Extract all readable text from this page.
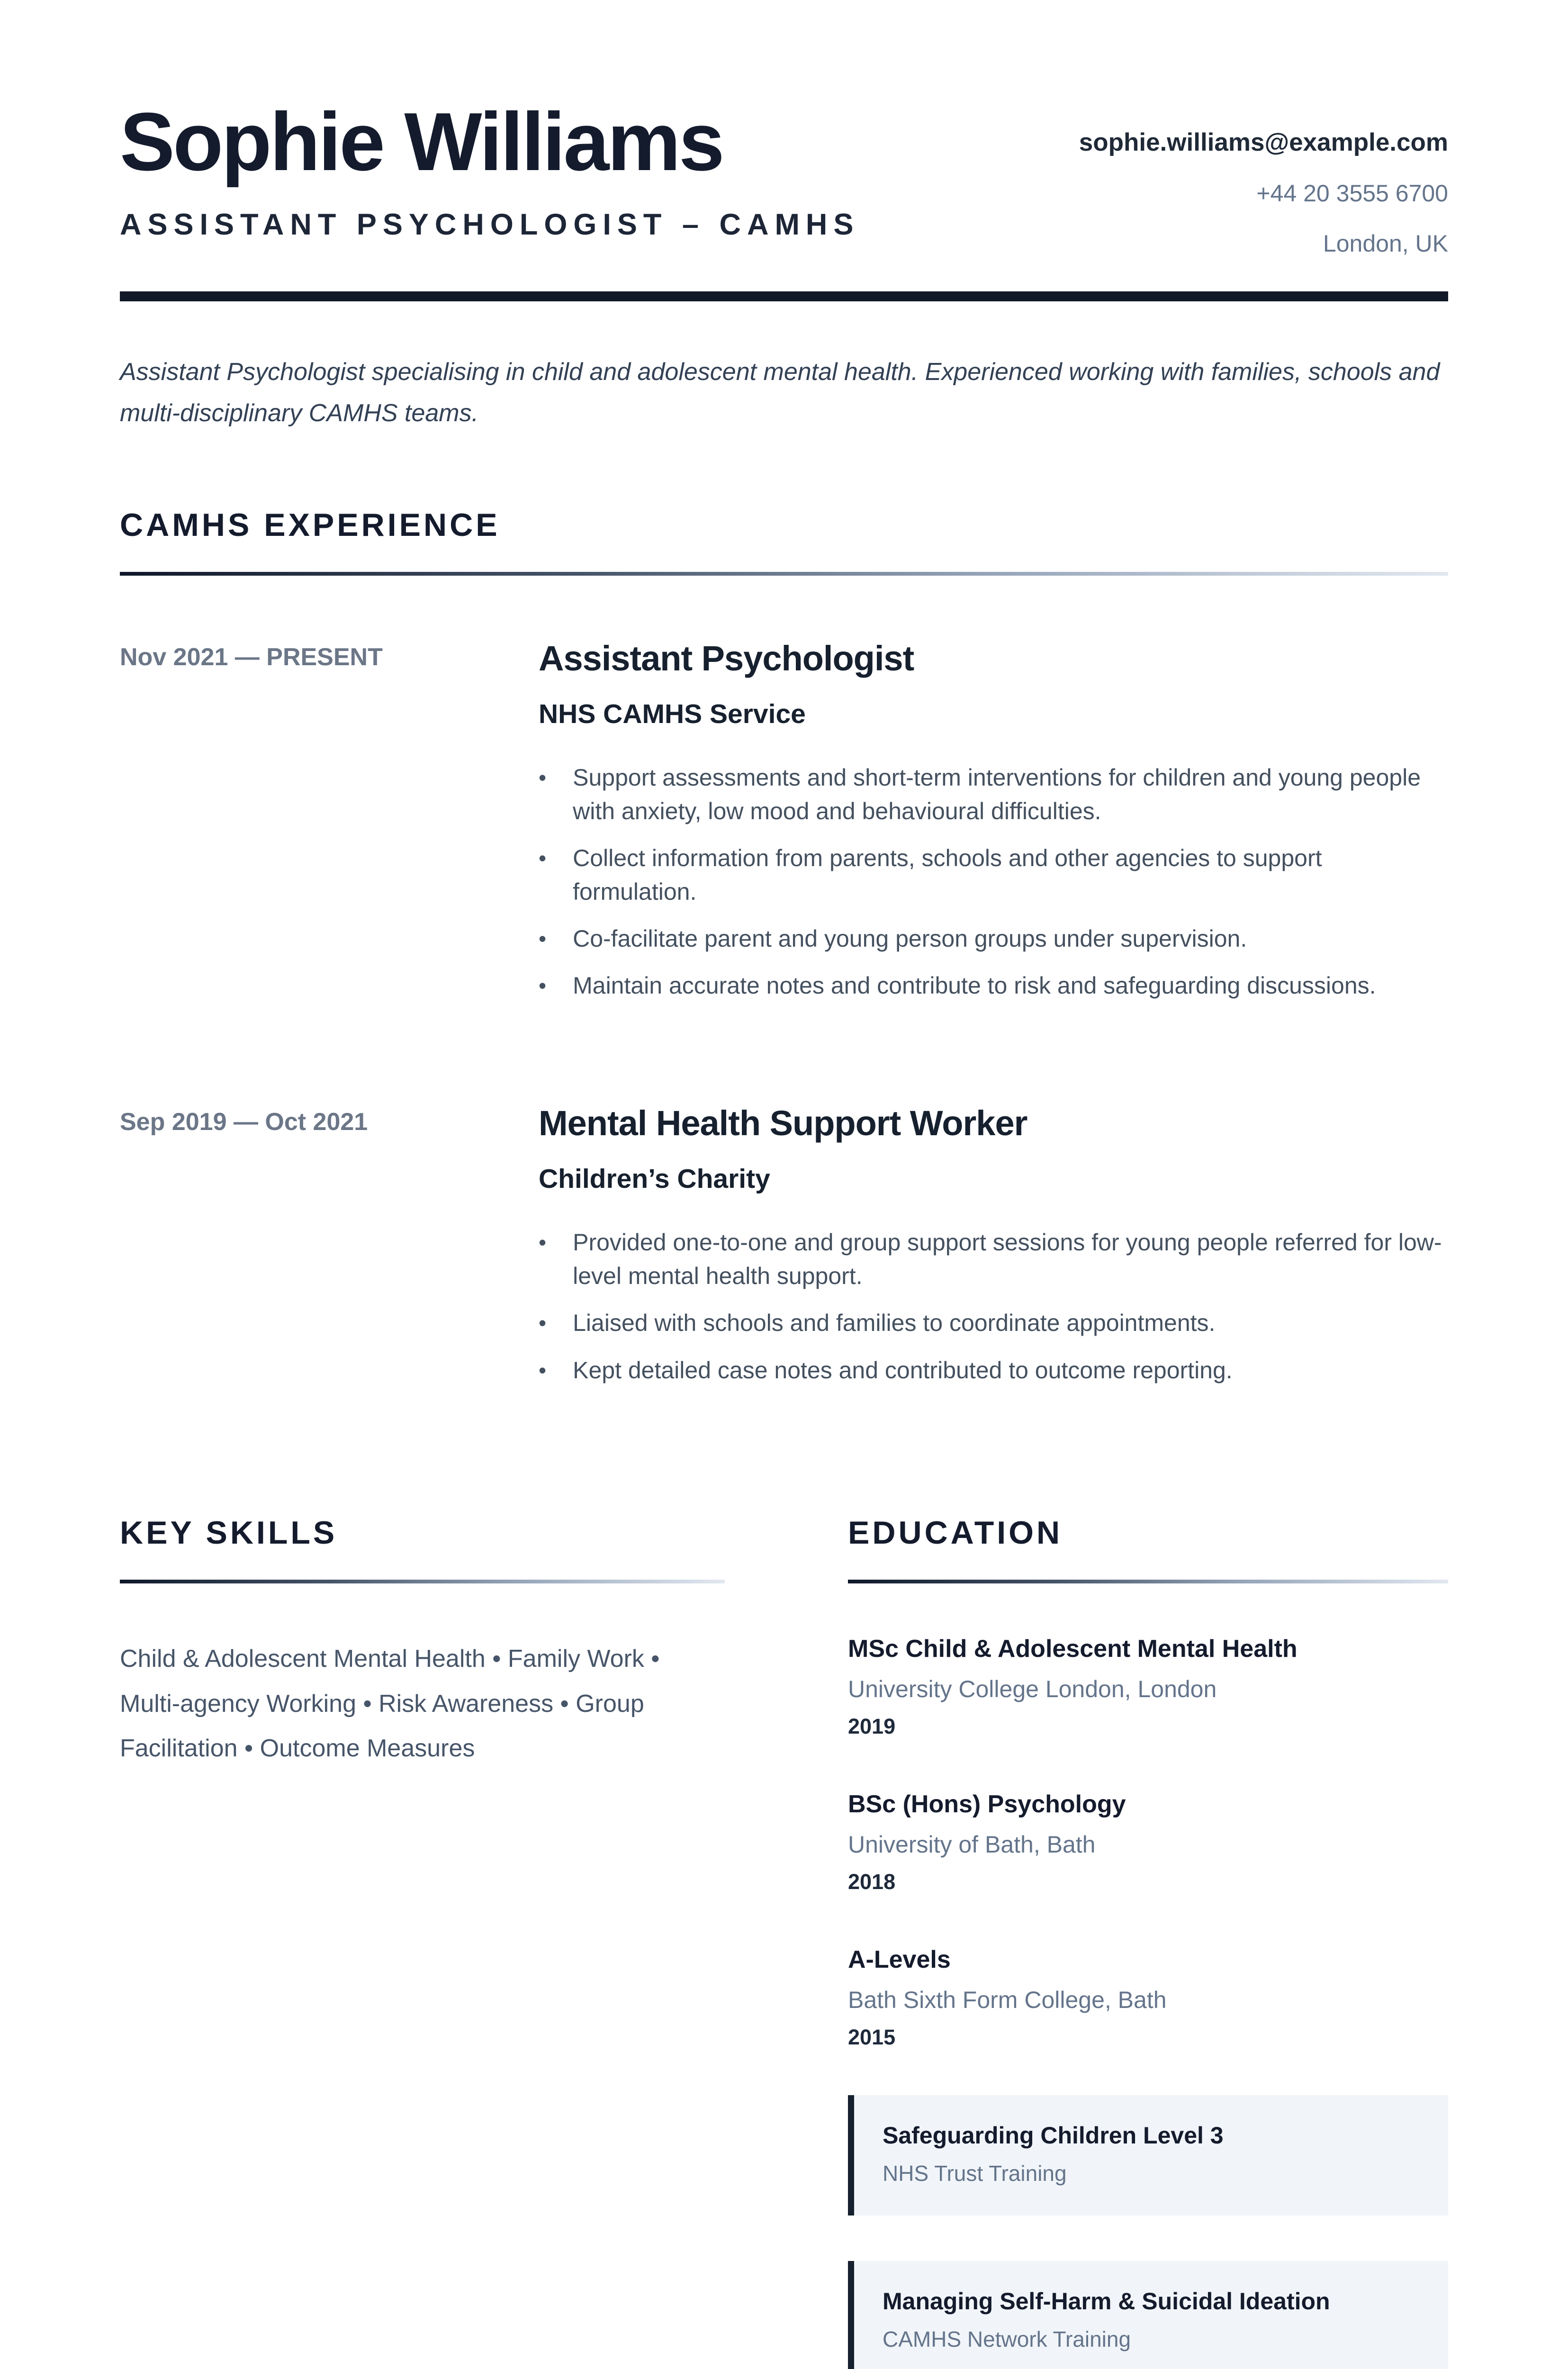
Sophie Williams
ASSISTANT PSYCHOLOGIST – CAMHS
sophie.williams@example.com
+44 20 3555 6700
London, UK

Assistant Psychologist specialising in child and adolescent mental health. Experienced working with families, schools and multi-disciplinary CAMHS teams.

CAMHS EXPERIENCE
Nov 2021 — PRESENT	Assistant Psychologist
NHS CAMHS Service
• Support assessments and short-term interventions for children and young people with anxiety, low mood and behavioural difficulties.
• Collect information from parents, schools and other agencies to support formulation.
• Co-facilitate parent and young person groups under supervision.
• Maintain accurate notes and contribute to risk and safeguarding discussions.
Sep 2019 — Oct 2021	Mental Health Support Worker
Children’s Charity
• Provided one-to-one and group support sessions for young people referred for low-level mental health support.
• Liaised with schools and families to coordinate appointments.
• Kept detailed case notes and contributed to outcome reporting.
KEY SKILLS

Child & Adolescent Mental Health • Family Work • Multi-agency Working • Risk Awareness • Group Facilitation • Outcome Measures

EDUCATION
MSc Child & Adolescent Mental Health
University College London, London
2019
BSc (Hons) Psychology
University of Bath, Bath
2018
A-Levels
Bath Sixth Form College, Bath
2015
Safeguarding Children Level 3
NHS Trust Training
Managing Self-Harm & Suicidal Ideation
CAMHS Network Training
